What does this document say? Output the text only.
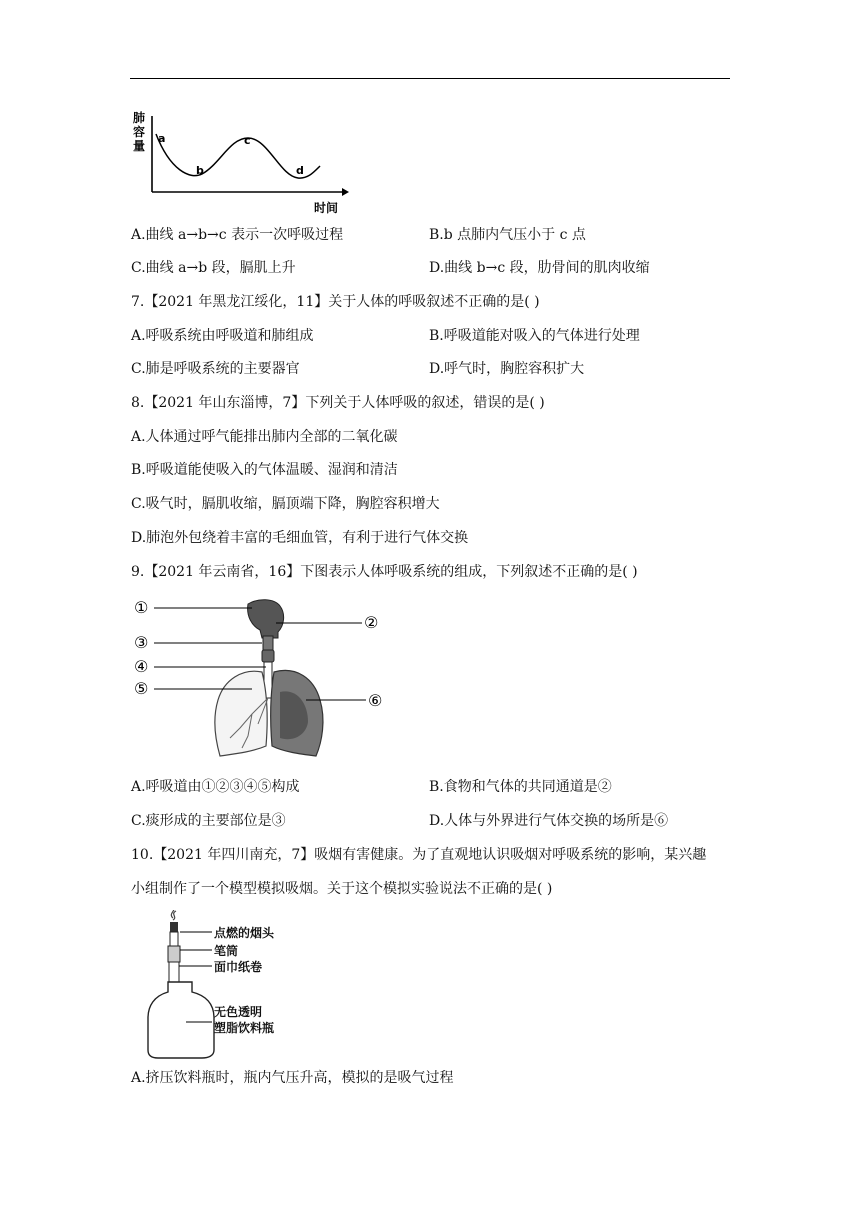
肺
容
量
a
b
c
d
时间
A.曲线 a→b→c 表示一次呼吸过程	B.b 点肺内气压小于 c 点
C.曲线 a→b 段，膈肌上升	D.曲线 b→c 段，肋骨间的肌肉收缩
7.【2021 年黑龙江绥化，11】关于人体的呼吸叙述不正确的是( )
A.呼吸系统由呼吸道和肺组成	B.呼吸道能对吸入的气体进行处理
C.肺是呼吸系统的主要器官	D.呼气时，胸腔容积扩大
8.【2021 年山东淄博，7】下列关于人体呼吸的叙述，错误的是( )
A.人体通过呼气能排出肺内全部的二氧化碳
B.呼吸道能使吸入的气体温暖、湿润和清洁
C.吸气时，膈肌收缩，膈顶端下降，胸腔容积增大
D.肺泡外包绕着丰富的毛细血管，有利于进行气体交换
9.【2021 年云南省，16】下图表示人体呼吸系统的组成，下列叙述不正确的是( )
①
②
③
④
⑤
⑥
A.呼吸道由①②③④⑤构成	B.食物和气体的共同通道是②
C.痰形成的主要部位是③	D.人体与外界进行气体交换的场所是⑥
10.【2021 年四川南充，7】吸烟有害健康。为了直观地认识吸烟对呼吸系统的影响，某兴趣
小组制作了一个模型模拟吸烟。关于这个模拟实验说法不正确的是( )
点燃的烟头
笔筒
面巾纸卷
无色透明
塑脂饮料瓶
A.挤压饮料瓶时，瓶内气压升高，模拟的是吸气过程
